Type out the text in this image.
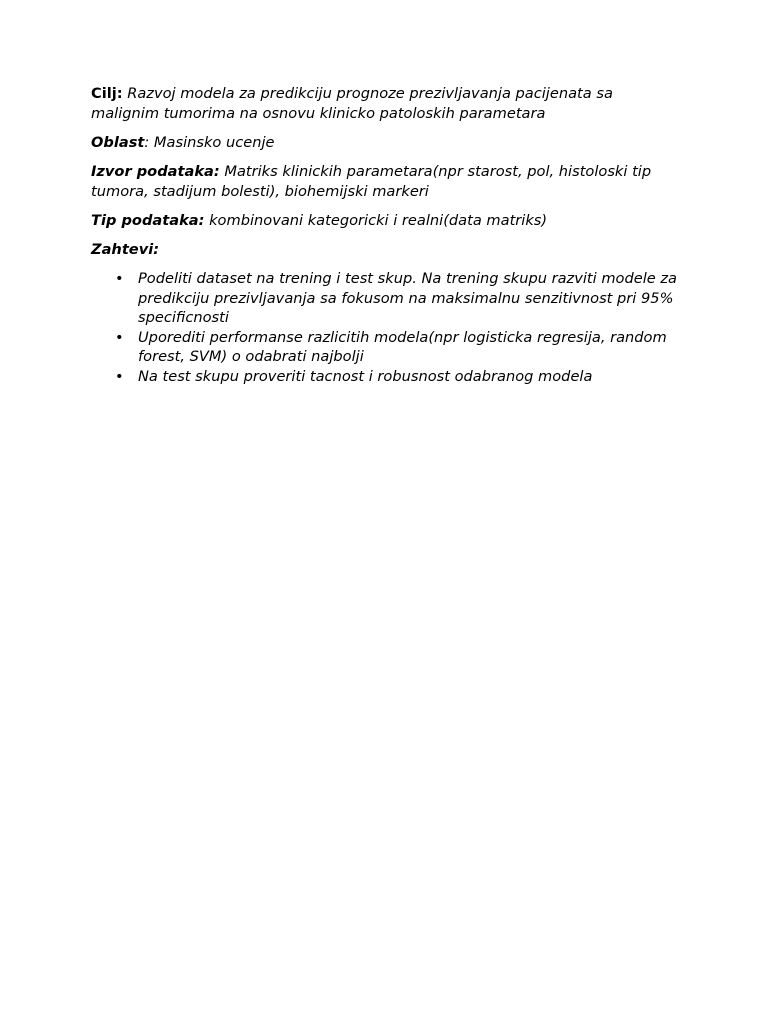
Cilj: Razvoj modela za predikciju prognoze prezivljavanja pacijenata sa malignim tumorima na osnovu klinicko patoloskih parametara

Oblast: Masinsko ucenje

Izvor podataka: Matriks klinickih parametara(npr starost, pol, histoloski tip tumora, stadijum bolesti), biohemijski markeri

Tip podataka: kombinovani kategoricki i realni(data matriks)

Zahtevi:

• Podeliti dataset na trening i test skup. Na trening skupu razviti modele za predikciju prezivljavanja sa fokusom na maksimalnu senzitivnost pri 95% specificnosti
• Uporediti performanse razlicitih modela(npr logisticka regresija, random forest, SVM) o odabrati najbolji
• Na test skupu proveriti tacnost i robusnost odabranog modela
